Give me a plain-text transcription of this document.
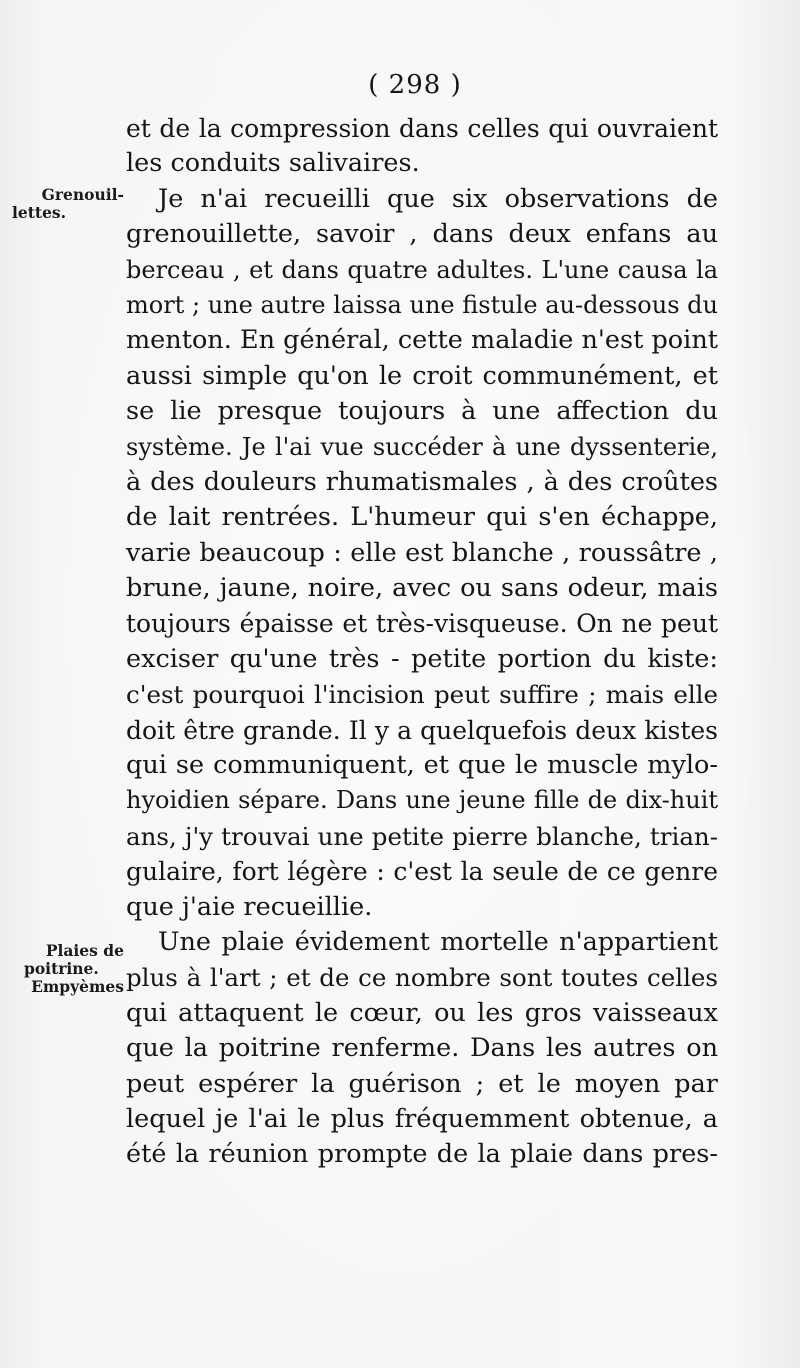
( 298 )
Grenouil-
lettes.
Plaies de
poitrine.
Empyèmes
et de la compression dans celles qui ouvraient
les conduits salivaires.
Je n'ai recueilli que six observations de
grenouillette, savoir , dans deux enfans au
berceau , et dans quatre adultes. L'une causa la
mort ; une autre laissa une fistule au-dessous du
menton. En général, cette maladie n'est point
aussi simple qu'on le croit communément, et
se lie presque toujours à une affection du
système. Je l'ai vue succéder à une dyssenterie,
à des douleurs rhumatismales , à des croûtes
de lait rentrées. L'humeur qui s'en échappe,
varie beaucoup : elle est blanche , roussâtre ,
brune, jaune, noire, avec ou sans odeur, mais
toujours épaisse et très-visqueuse. On ne peut
exciser qu'une très - petite portion du kiste:
c'est pourquoi l'incision peut suffire ; mais elle
doit être grande. Il y a quelquefois deux kistes
qui se communiquent, et que le muscle mylo-
hyoidien sépare. Dans une jeune fille de dix-huit
ans, j'y trouvai une petite pierre blanche, trian-
gulaire, fort légère : c'est la seule de ce genre
que j'aie recueillie.
Une plaie évidement mortelle n'appartient
plus à l'art ; et de ce nombre sont toutes celles
qui attaquent le cœur, ou les gros vaisseaux
que la poitrine renferme. Dans les autres on
peut espérer la guérison ; et le moyen par
lequel je l'ai le plus fréquemment obtenue, a
été la réunion prompte de la plaie dans pres-
